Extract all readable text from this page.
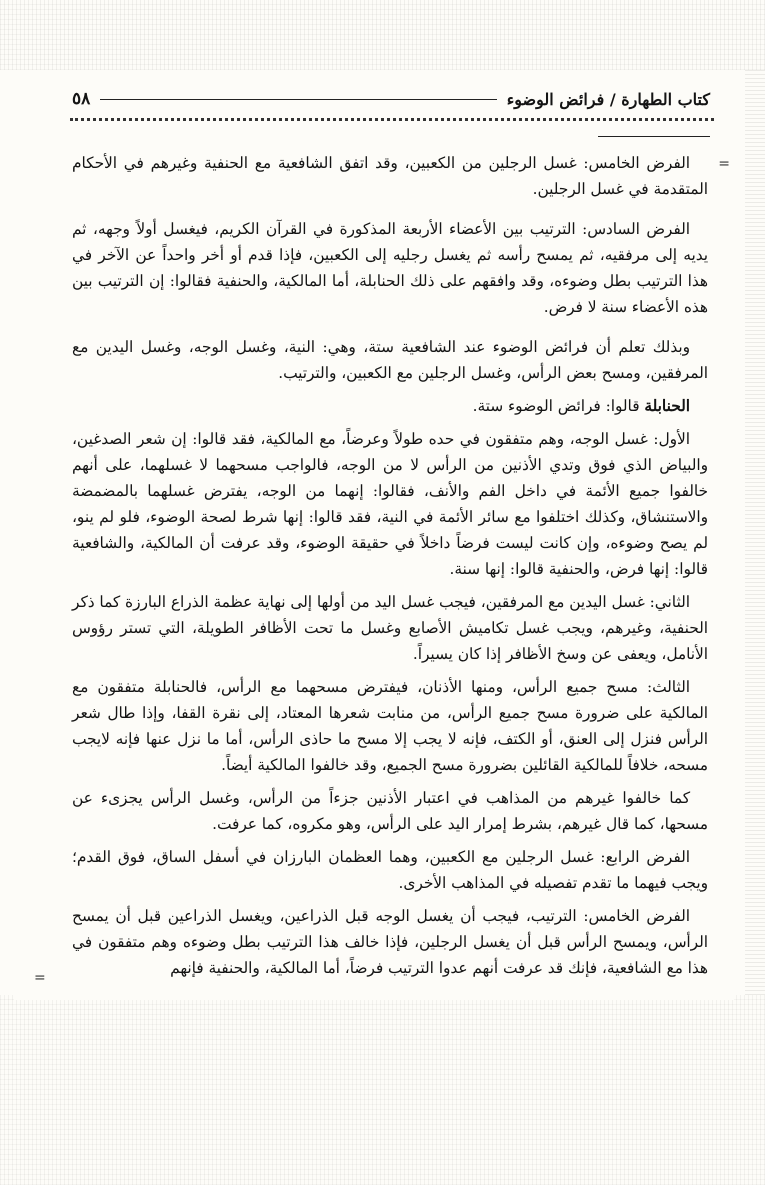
كتاب الطهارة / فرائض الوضوء
٥٨
=
=

الفرض الخامس: غسل الرجلين من الكعبين، وقد اتفق الشافعية مع الحنفية وغيرهم في الأحكام المتقدمة في غسل الرجلين.

الفرض السادس: الترتيب بين الأعضاء الأربعة المذكورة في القرآن الكريم، فيغسل أولاً وجهه، ثم يديه إلى مرفقيه، ثم يمسح رأسه ثم يغسل رجليه إلى الكعبين، فإذا قدم أو أخر واحداً عن الآخر في هذا الترتيب بطل وضوءه، وقد وافقهم على ذلك الحنابلة، أما المالكية، والحنفية فقالوا: إن الترتيب بين هذه الأعضاء سنة لا فرض.

وبذلك تعلم أن فرائض الوضوء عند الشافعية ستة، وهي: النية، وغسل الوجه، وغسل اليدين مع المرفقين، ومسح بعض الرأس، وغسل الرجلين مع الكعبين، والترتيب.

الحنابلة قالوا: فرائض الوضوء ستة.

الأول: غسل الوجه، وهم متفقون في حده طولاً وعرضاً، مع المالكية، فقد قالوا: إن شعر الصدغين، والبياض الذي فوق وتدي الأذنين من الرأس لا من الوجه، فالواجب مسحهما لا غسلهما، على أنهم خالفوا جميع الأئمة في داخل الفم والأنف، فقالوا: إنهما من الوجه، يفترض غسلهما بالمضمضة والاستنشاق، وكذلك اختلفوا مع سائر الأئمة في النية، فقد قالوا: إنها شرط لصحة الوضوء، فلو لم ينو، لم يصح وضوءه، وإن كانت ليست فرضاً داخلاً في حقيقة الوضوء، وقد عرفت أن المالكية، والشافعية قالوا: إنها فرض، والحنفية قالوا: إنها سنة.

الثاني: غسل اليدين مع المرفقين، فيجب غسل اليد من أولها إلى نهاية عظمة الذراع البارزة كما ذكر الحنفية، وغيرهم، ويجب غسل تكاميش الأصابع وغسل ما تحت الأظافر الطويلة، التي تستر رؤوس الأنامل، ويعفى عن وسخ الأظافر إذا كان يسيراً.

الثالث: مسح جميع الرأس، ومنها الأذنان، فيفترض مسحهما مع الرأس، فالحنابلة متفقون مع المالكية على ضرورة مسح جميع الرأس، من منابت شعرها المعتاد، إلى نقرة القفا، وإذا طال شعر الرأس فنزل إلى العنق، أو الكتف، فإنه لا يجب إلا مسح ما حاذى الرأس، أما ما نزل عنها فإنه لايجب مسحه، خلافاً للمالكية القائلين بضرورة مسح الجميع، وقد خالفوا المالكية أيضاً.

كما خالفوا غيرهم من المذاهب في اعتبار الأذنين جزءاً من الرأس، وغسل الرأس يجزىء عن مسحها، كما قال غيرهم، بشرط إمرار اليد على الرأس، وهو مكروه، كما عرفت.

الفرض الرابع: غسل الرجلين مع الكعبين، وهما العظمان البارزان في أسفل الساق، فوق القدم؛ ويجب فيهما ما تقدم تفصيله في المذاهب الأخرى.

الفرض الخامس: الترتيب، فيجب أن يغسل الوجه قبل الذراعين، ويغسل الذراعين قبل أن يمسح الرأس، ويمسح الرأس قبل أن يغسل الرجلين، فإذا خالف هذا الترتيب بطل وضوءه وهم متفقون في هذا مع الشافعية، فإنك قد عرفت أنهم عدوا الترتيب فرضاً، أما المالكية، والحنفية فإنهم
